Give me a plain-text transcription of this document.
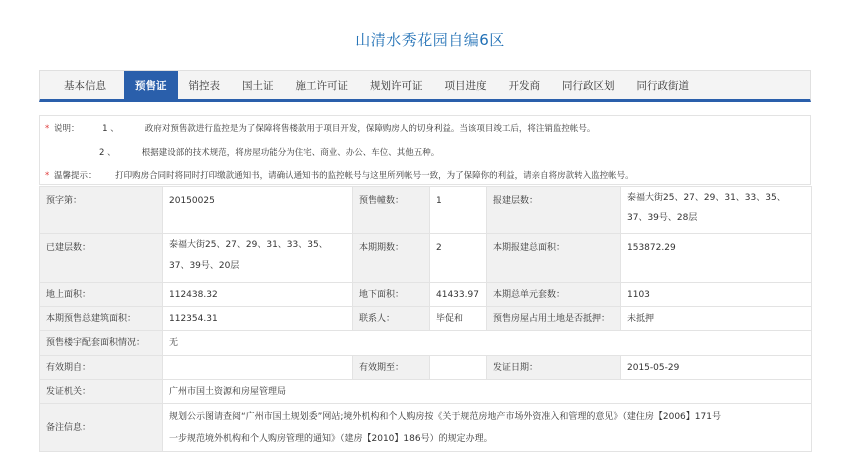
山清水秀花园自编6区
基本信息	预售证	销控表	国土证	施工许可证	规划许可证	项目进度	开发商	同行政区划	同行政街道
* 说明：	1 、	政府对预售款进行监控是为了保障将售楼款用于项目开发，保障购房人的切身利益。当该项目竣工后，将注销监控帐号。
2 、	根据建设部的技术规范，将房屋功能分为住宅、商业、办公、车位、其他五种。
* 温馨提示： 打印购房合同时将同时打印缴款通知书，请确认通知书的监控帐号与这里所列帐号一致，为了保障你的利益，请亲自将房款转入监控帐号。
预字第：	20150025	预售幢数：	1	报建层数：	泰福大街25、27、29、31、33、35、37、39号、28层
已建层数：	泰福大街25、27、29、31、33、35、37、39号、20层	本期期数：	2	本期报建总面积：	153872.29
地上面积：	112438.32	地下面积：	41433.97	本期总单元套数：	1103
本期预售总建筑面积：	112354.31	联系人：	毕促和	预售房屋占用土地是否抵押：	未抵押
预售楼宇配套面积情况：	无				
有效期自：		有效期至：		发证日期：	2015-05-29
发证机关：	广州市国土资源和房屋管理局				
备注信息：	规划公示图请查阅“广州市国土规划委”网站;境外机构和个人购房按《关于规范房地产市场外资准入和管理的意见》（建住房【2006】171号
一步规范境外机构和个人购房管理的通知》（建房【2010】186号）的规定办理。				
